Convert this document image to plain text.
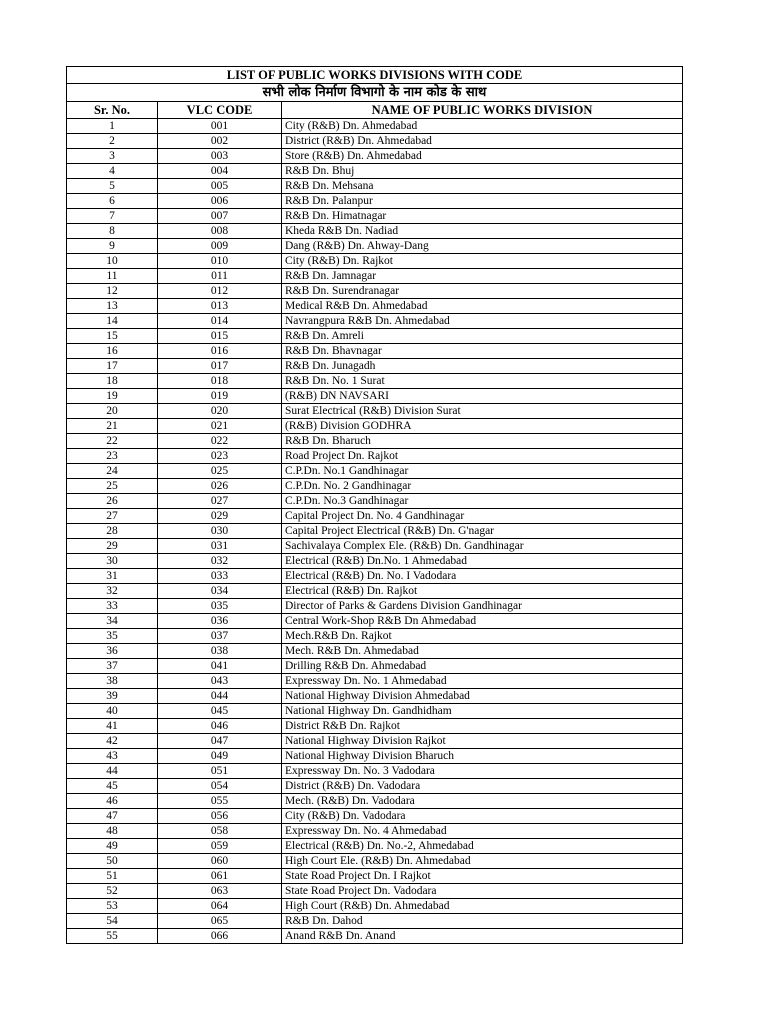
LIST OF PUBLIC WORKS DIVISIONS WITH CODE		
सभी लोक निर्माण विभागो के नाम कोड के साथ		
Sr. No.	VLC CODE	NAME OF PUBLIC WORKS DIVISION
1	001	City (R&B) Dn. Ahmedabad
2	002	District (R&B) Dn. Ahmedabad
3	003	Store (R&B) Dn. Ahmedabad
4	004	R&B Dn. Bhuj
5	005	R&B Dn. Mehsana
6	006	R&B Dn. Palanpur
7	007	R&B Dn. Himatnagar
8	008	Kheda R&B Dn. Nadiad
9	009	Dang (R&B) Dn. Ahway-Dang
10	010	City (R&B) Dn. Rajkot
11	011	R&B Dn. Jamnagar
12	012	R&B Dn. Surendranagar
13	013	Medical R&B Dn. Ahmedabad
14	014	Navrangpura R&B Dn. Ahmedabad
15	015	R&B Dn. Amreli
16	016	R&B Dn. Bhavnagar
17	017	R&B Dn. Junagadh
18	018	R&B Dn. No. 1 Surat
19	019	(R&B) DN NAVSARI
20	020	Surat Electrical (R&B) Division Surat
21	021	(R&B) Division GODHRA
22	022	R&B Dn. Bharuch
23	023	Road Project Dn. Rajkot
24	025	C.P.Dn. No.1 Gandhinagar
25	026	C.P.Dn. No. 2 Gandhinagar
26	027	C.P.Dn. No.3 Gandhinagar
27	029	Capital Project Dn. No. 4 Gandhinagar
28	030	Capital Project Electrical (R&B) Dn. G'nagar
29	031	Sachivalaya Complex Ele. (R&B) Dn. Gandhinagar
30	032	Electrical (R&B) Dn.No. 1 Ahmedabad
31	033	Electrical (R&B) Dn. No. I Vadodara
32	034	Electrical (R&B) Dn. Rajkot
33	035	Director of Parks & Gardens Division Gandhinagar
34	036	Central Work-Shop R&B Dn Ahmedabad
35	037	Mech.R&B Dn. Rajkot
36	038	Mech. R&B Dn. Ahmedabad
37	041	Drilling R&B Dn. Ahmedabad
38	043	Expressway Dn. No. 1 Ahmedabad
39	044	National Highway Division Ahmedabad
40	045	National Highway Dn. Gandhidham
41	046	District R&B Dn. Rajkot
42	047	National Highway Division Rajkot
43	049	National Highway Division Bharuch
44	051	Expressway Dn. No. 3 Vadodara
45	054	District (R&B) Dn. Vadodara
46	055	Mech. (R&B) Dn. Vadodara
47	056	City (R&B) Dn. Vadodara
48	058	Expressway Dn. No. 4 Ahmedabad
49	059	Electrical (R&B) Dn. No.-2, Ahmedabad
50	060	High Court Ele. (R&B) Dn. Ahmedabad
51	061	State Road Project Dn. I Rajkot
52	063	State Road Project Dn. Vadodara
53	064	High Court (R&B) Dn. Ahmedabad
54	065	R&B Dn. Dahod
55	066	Anand R&B Dn. Anand
